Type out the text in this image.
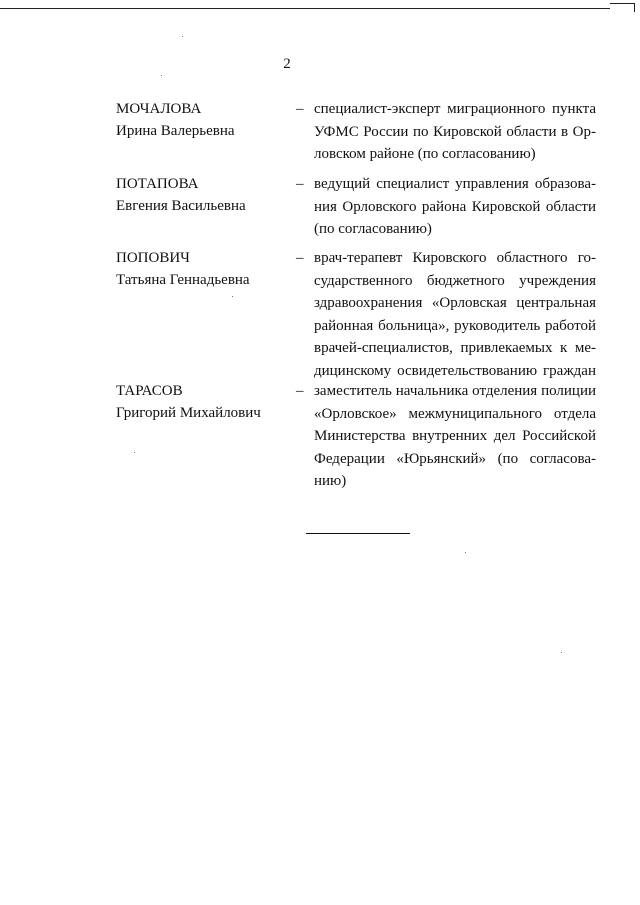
2
МОЧАЛОВА
Ирина Валерьевна
– специалист-эксперт миграционного пункта
УФМС России по Кировской области в Ор-
ловском районе (по согласованию)
ПОТАПОВА
Евгения Васильевна
– ведущий специалист управления образова-
ния Орловского района Кировской области
(по согласованию)
ПОПОВИЧ
Татьяна Геннадьевна
– врач-терапевт Кировского областного го-
сударственного бюджетного учреждения
здравоохранения «Орловская центральная
районная больница», руководитель работой
врачей-специалистов, привлекаемых к ме-
дицинскому освидетельствованию граждан
ТАРАСОВ
Григорий Михайлович
– заместитель начальника отделения полиции
«Орловское» межмуниципального отдела
Министерства внутренних дел Российской
Федерации «Юрьянский» (по согласова-
нию)
